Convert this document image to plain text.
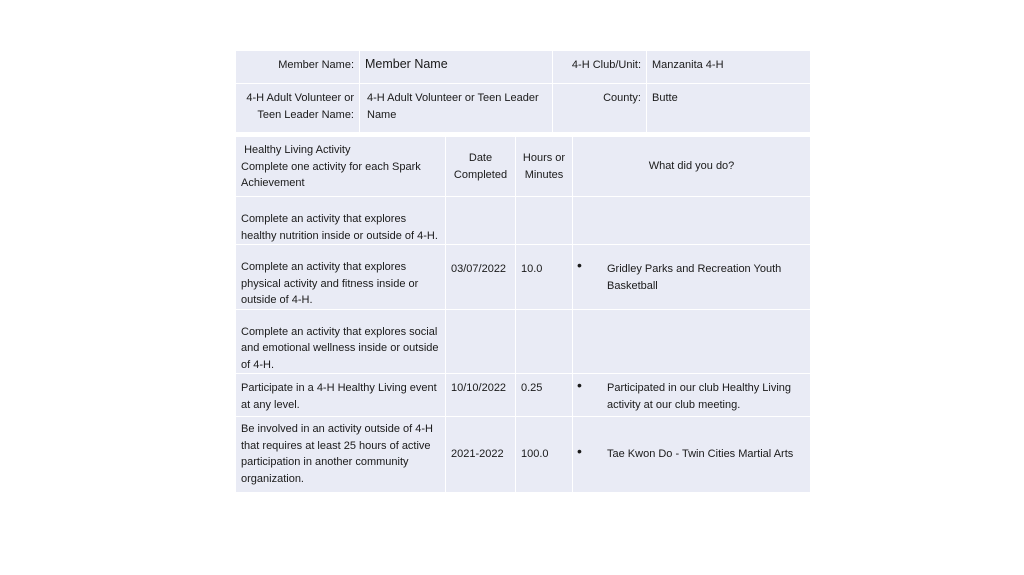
Member Name:	Member Name	4-H Club/Unit:	Manzanita 4-H
4-H Adult Volunteer or Teen Leader Name:	4-H Adult Volunteer or Teen Leader Name	County:	Butte
Healthy Living Activity
Complete one activity for each Spark Achievement	Date Completed	Hours or Minutes	What did you do?
Complete an activity that explores healthy nutrition inside or outside of 4-H.			
Complete an activity that explores physical activity and fitness inside or outside of 4-H.	03/07/2022	10.0	• Gridley Parks and Recreation Youth Basketball
Complete an activity that explores social and emotional wellness inside or outside of 4-H.			
Participate in a 4-H Healthy Living event at any level.	10/10/2022	0.25	• Participated in our club Healthy Living activity at our club meeting.
Be involved in an activity outside of 4-H that requires at least 25 hours of active participation in another community organization.	2021-2022	100.0	• Tae Kwon Do - Twin Cities Martial Arts
